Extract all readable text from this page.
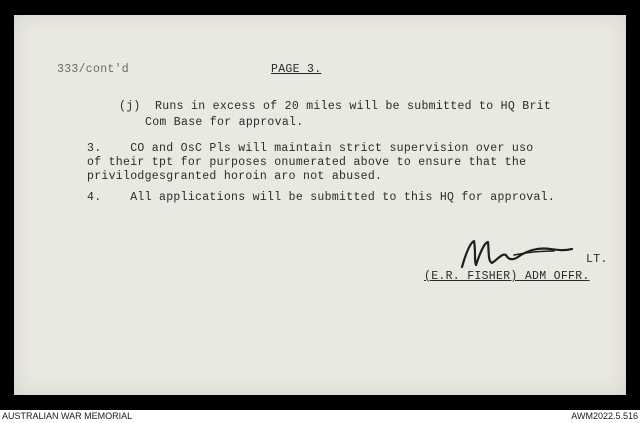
333/cont'd	PAGE 3.

(j)  Runs in excess of 20 miles will be submitted to HQ Brit

Com Base for approval.

3.    CO and OsC Pls will maintain strict supervision over uso

of their tpt for purposes onumerated above to ensure that the

privilodgesgranted horoin aro not abused.

4.    All applications will be submitted to this HQ for approval.

LT.

(E.R. FISHER) ADM OFFR.

AUSTRALIAN WAR MEMORIAL	AWM2022.5.516
